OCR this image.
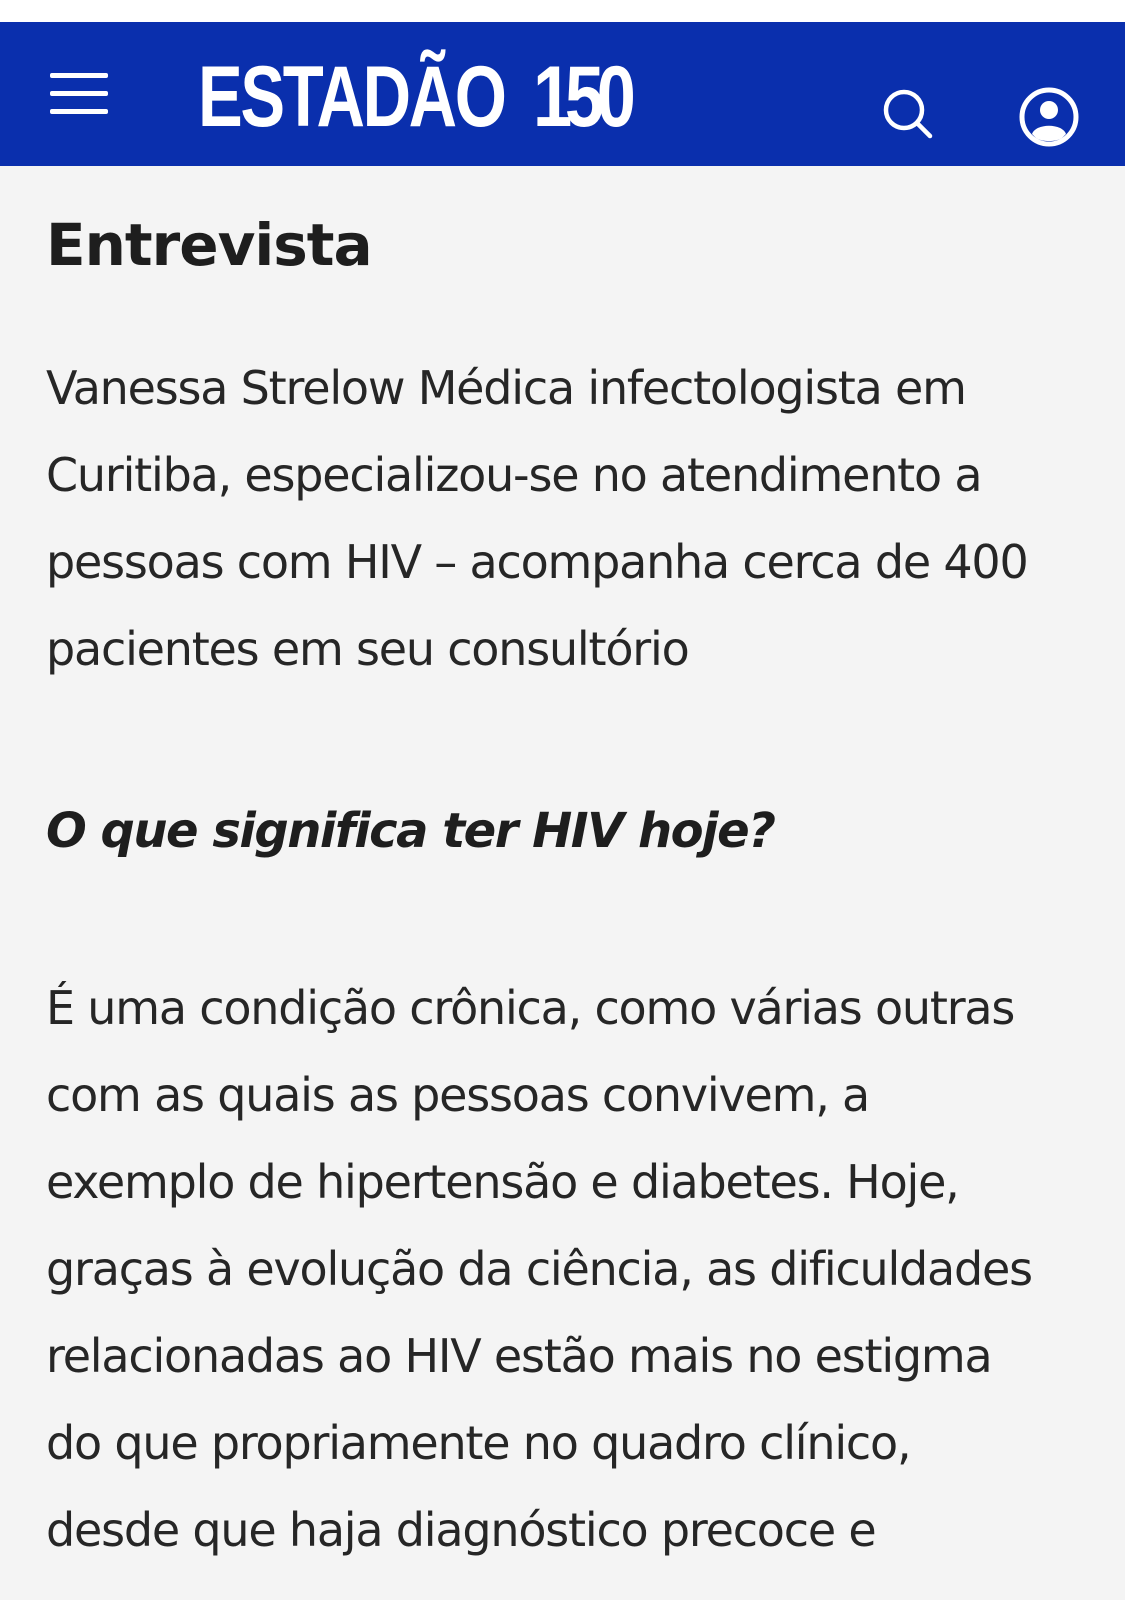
ESTADÃO 150
Entrevista

Vanessa Strelow Médica infectologista em
Curitiba, especializou-se no atendimento a
pessoas com HIV – acompanha cerca de 400
pacientes em seu consultório

O que significa ter HIV hoje?

É uma condição crônica, como várias outras
com as quais as pessoas convivem, a
exemplo de hipertensão e diabetes. Hoje,
graças à evolução da ciência, as dificuldades
relacionadas ao HIV estão mais no estigma
do que propriamente no quadro clínico,
desde que haja diagnóstico precoce e
